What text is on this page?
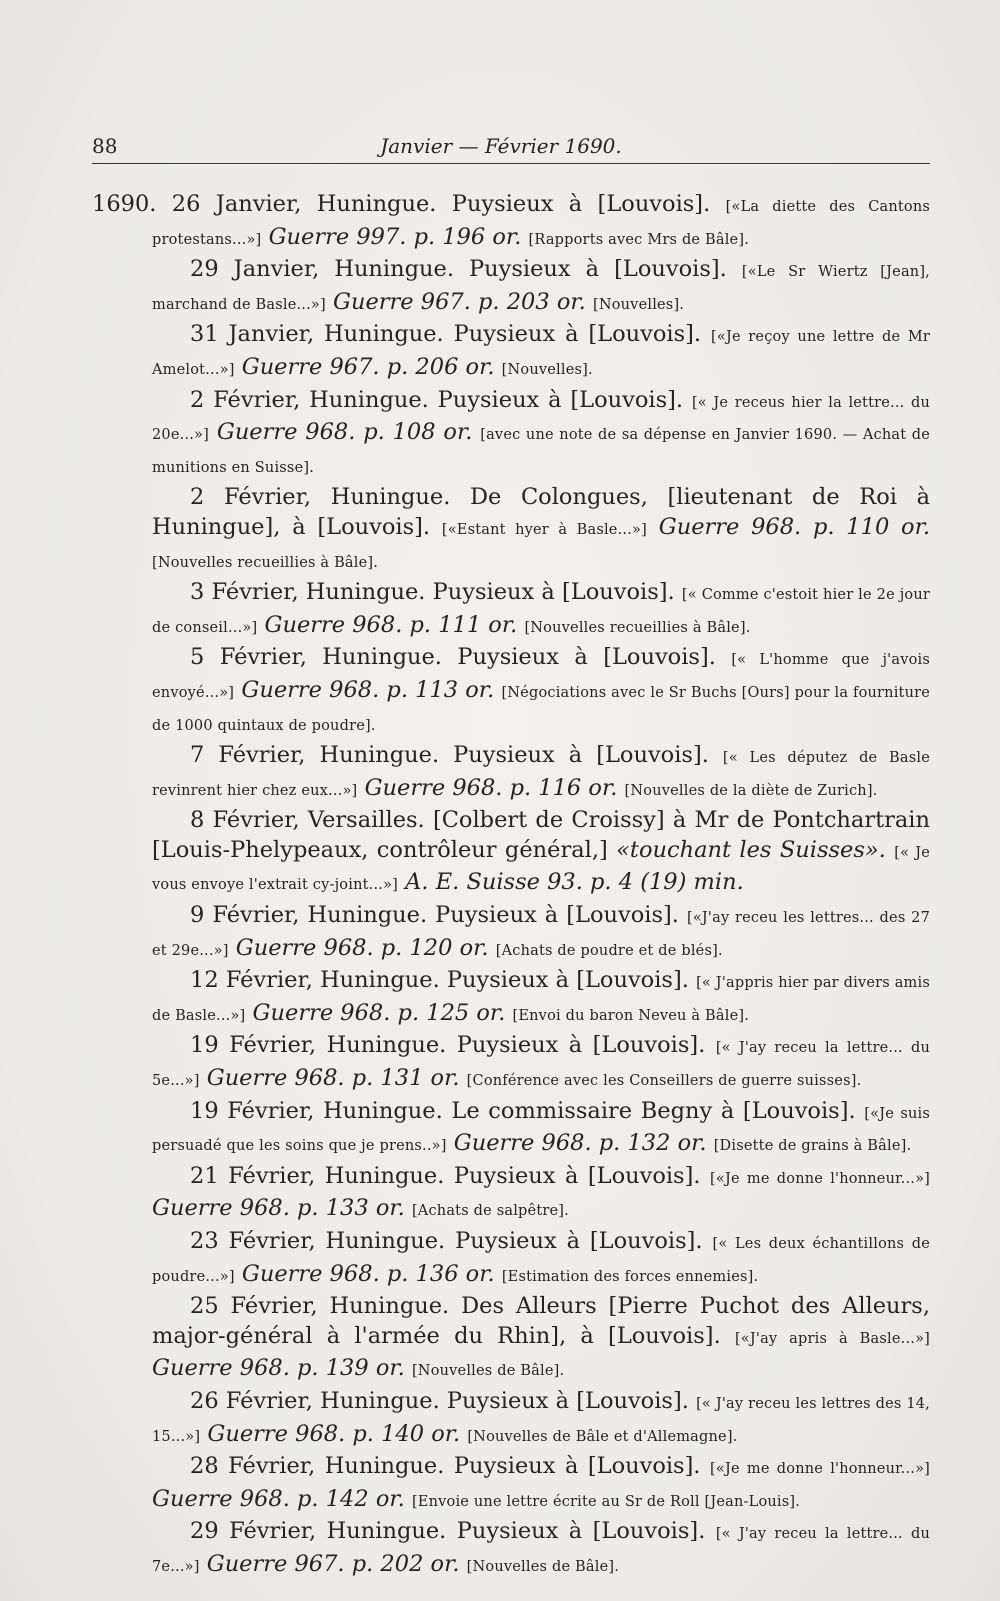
88	Janvier — Février 1690.

1690. 26 Janvier, Huningue. Puysieux à [Louvois]. [«La diette des Cantons protestans...»] Guerre 997. p. 196 or. [Rapports avec Mrs de Bâle].

29 Janvier, Huningue. Puysieux à [Louvois]. [«Le Sr Wiertz [Jean], marchand de Basle...»] Guerre 967. p. 203 or. [Nouvelles].

31 Janvier, Huningue. Puysieux à [Louvois]. [«Je reçoy une lettre de Mr Amelot...»] Guerre 967. p. 206 or. [Nouvelles].

2 Février, Huningue. Puysieux à [Louvois]. [« Je receus hier la lettre... du 20e...»] Guerre 968. p. 108 or. [avec une note de sa dépense en Janvier 1690. — Achat de munitions en Suisse].

2 Février, Huningue. De Colongues, [lieutenant de Roi à Huningue], à [Louvois]. [«Estant hyer à Basle...»] Guerre 968. p. 110 or. [Nouvelles recueillies à Bâle].

3 Février, Huningue. Puysieux à [Louvois]. [« Comme c'estoit hier le 2e jour de conseil...»] Guerre 968. p. 111 or. [Nouvelles recueillies à Bâle].

5 Février, Huningue. Puysieux à [Louvois]. [« L'homme que j'avois envoyé...»] Guerre 968. p. 113 or. [Négociations avec le Sr Buchs [Ours] pour la fourniture de 1000 quintaux de poudre].

7 Février, Huningue. Puysieux à [Louvois]. [« Les députez de Basle revinrent hier chez eux...»] Guerre 968. p. 116 or. [Nouvelles de la diète de Zurich].

8 Février, Versailles. [Colbert de Croissy] à Mr de Pontchartrain [Louis-Phelypeaux, contrôleur général,] «touchant les Suisses». [« Je vous envoye l'extrait cy-joint...»] A. E. Suisse 93. p. 4 (19) min.

9 Février, Huningue. Puysieux à [Louvois]. [«J'ay receu les lettres... des 27 et 29e...»] Guerre 968. p. 120 or. [Achats de poudre et de blés].

12 Février, Huningue. Puysieux à [Louvois]. [« J'appris hier par divers amis de Basle...»] Guerre 968. p. 125 or. [Envoi du baron Neveu à Bâle].

19 Février, Huningue. Puysieux à [Louvois]. [« J'ay receu la lettre... du 5e...»] Guerre 968. p. 131 or. [Conférence avec les Conseillers de guerre suisses].

19 Février, Huningue. Le commissaire Begny à [Louvois]. [«Je suis persuadé que les soins que je prens..»] Guerre 968. p. 132 or. [Disette de grains à Bâle].

21 Février, Huningue. Puysieux à [Louvois]. [«Je me donne l'honneur...»] Guerre 968. p. 133 or. [Achats de salpêtre].

23 Février, Huningue. Puysieux à [Louvois]. [« Les deux échantillons de poudre...»] Guerre 968. p. 136 or. [Estimation des forces ennemies].

25 Février, Huningue. Des Alleurs [Pierre Puchot des Alleurs, major-général à l'armée du Rhin], à [Louvois]. [«J'ay apris à Basle...»] Guerre 968. p. 139 or. [Nouvelles de Bâle].

26 Février, Huningue. Puysieux à [Louvois]. [« J'ay receu les lettres des 14, 15...»] Guerre 968. p. 140 or. [Nouvelles de Bâle et d'Allemagne].

28 Février, Huningue. Puysieux à [Louvois]. [«Je me donne l'honneur...»] Guerre 968. p. 142 or. [Envoie une lettre écrite au Sr de Roll [Jean-Louis].

29 Février, Huningue. Puysieux à [Louvois]. [« J'ay receu la lettre... du 7e...»] Guerre 967. p. 202 or. [Nouvelles de Bâle].
